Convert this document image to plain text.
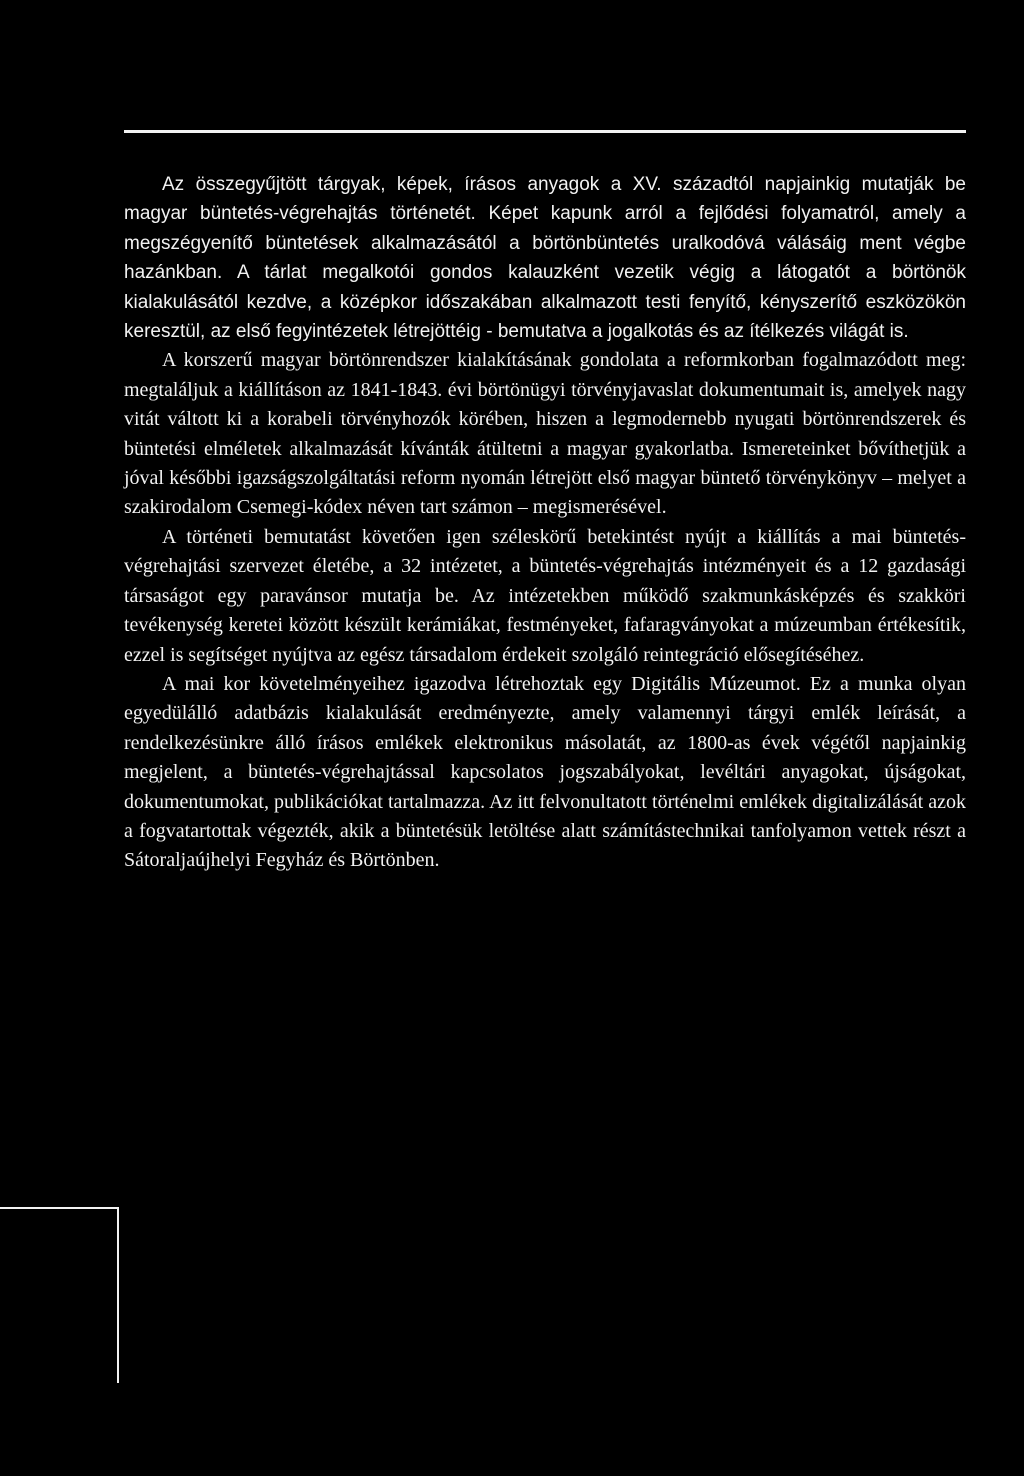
Az összegyűjtött tárgyak, képek, írásos anyagok a XV. századtól napjainkig mutatják be magyar büntetés-végrehajtás történetét. Képet kapunk arról a fejlődési folyamatról, amely a megszégyenítő büntetések alkalmazásától a börtönbüntetés uralkodóvá válásáig ment végbe hazánkban. A tárlat megalkotói gondos kalauzként vezetik végig a látogatót a börtönök kialakulásától kezdve, a középkor időszakában alkalmazott testi fenyítő, kényszerítő eszközökön keresztül, az első fegyintézetek létrejöttéig - bemutatva a jogalkotás és az ítélkezés világát is.

A korszerű magyar börtönrendszer kialakításának gondolata a reformkorban fogalmazódott meg: megtaláljuk a kiállításon az 1841-1843. évi börtönügyi törvényjavaslat dokumentumait is, amelyek nagy vitát váltott ki a korabeli törvényhozók körében, hiszen a legmodernebb nyugati börtönrendszerek és büntetési elméletek alkalmazását kívánták átültetni a magyar gyakorlatba. Ismereteinket bővíthetjük a jóval későbbi igazságszolgáltatási reform nyomán létrejött első magyar büntető törvénykönyv – melyet a szakirodalom Csemegi-kódex néven tart számon – megismerésével.

A történeti bemutatást követően igen széleskörű betekintést nyújt a kiállítás a mai büntetés-végrehajtási szervezet életébe, a 32 intézetet, a büntetés-végrehajtás intézményeit és a 12 gazdasági társaságot egy paravánsor mutatja be. Az intézetekben működő szakmunkásképzés és szakköri tevékenység keretei között készült kerámiákat, festményeket, fafaragványokat a múzeumban értékesítik, ezzel is segítséget nyújtva az egész társadalom érdekeit szolgáló reintegráció elősegítéséhez.

A mai kor követelményeihez igazodva létrehoztak egy Digitális Múzeumot. Ez a munka olyan egyedülálló adatbázis kialakulását eredményezte, amely valamennyi tárgyi emlék leírását, a rendelkezésünkre álló írásos emlékek elektronikus másolatát, az 1800-as évek végétől napjainkig megjelent, a büntetés-végrehajtással kapcsolatos jogszabályokat, levéltári anyagokat, újságokat, dokumentumokat, publikációkat tartalmazza. Az itt felvonultatott történelmi emlékek digitalizálását azok a fogvatartottak végezték, akik a büntetésük letöltése alatt számítástechnikai tanfolyamon vettek részt a Sátoraljaújhelyi Fegyház és Börtönben.
